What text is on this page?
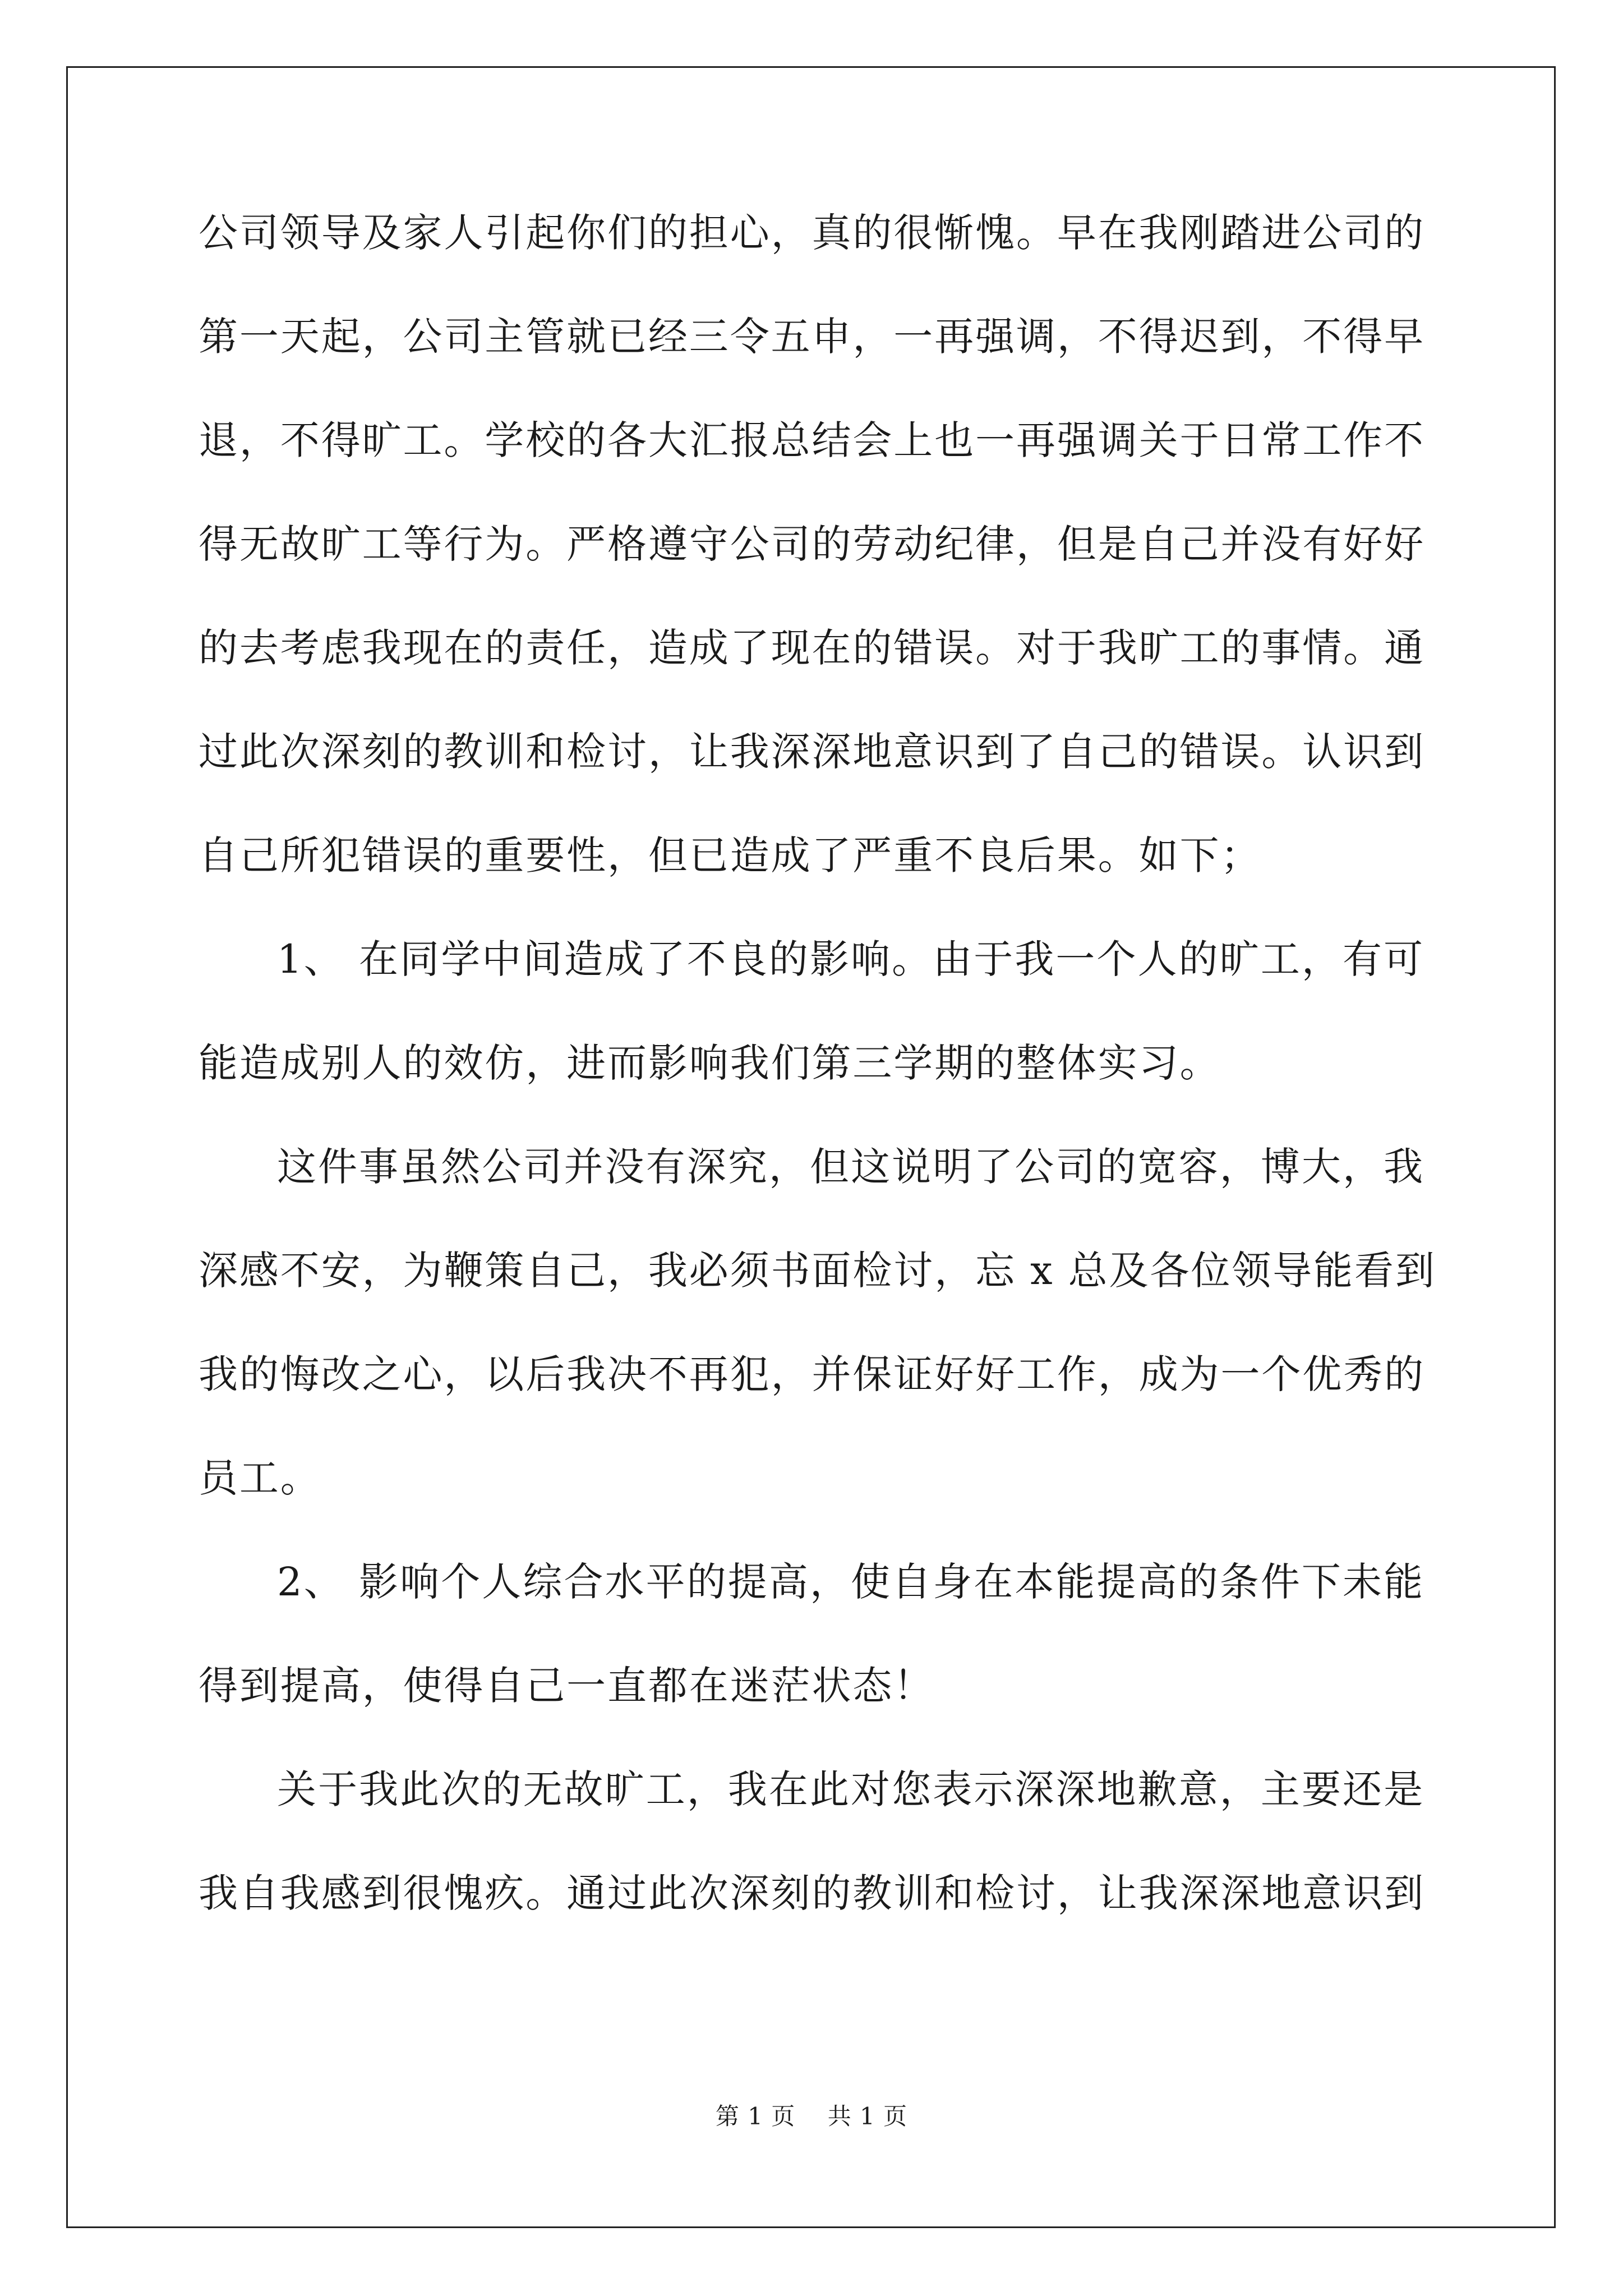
公司领导及家人引起你们的担心，真的很惭愧。早在我刚踏进公司的
第一天起，公司主管就已经三令五申，一再强调，不得迟到，不得早
退，不得旷工。学校的各大汇报总结会上也一再强调关于日常工作不
得无故旷工等行为。严格遵守公司的劳动纪律，但是自己并没有好好
的去考虑我现在的责任，造成了现在的错误。对于我旷工的事情。通
过此次深刻的教训和检讨，让我深深地意识到了自己的错误。认识到
自己所犯错误的重要性，但已造成了严重不良后果。如下；
1、 在同学中间造成了不良的影响。由于我一个人的旷工，有可
能造成别人的效仿，进而影响我们第三学期的整体实习。
这件事虽然公司并没有深究，但这说明了公司的宽容，博大，我
深感不安，为鞭策自己，我必须书面检讨，忘 x 总及各位领导能看到
我的悔改之心，以后我决不再犯，并保证好好工作，成为一个优秀的
员工。
2、 影响个人综合水平的提高，使自身在本能提高的条件下未能
得到提高，使得自己一直都在迷茫状态！
关于我此次的无故旷工，我在此对您表示深深地歉意，主要还是
我自我感到很愧疚。通过此次深刻的教训和检讨，让我深深地意识到
第 1 页    共 1 页
